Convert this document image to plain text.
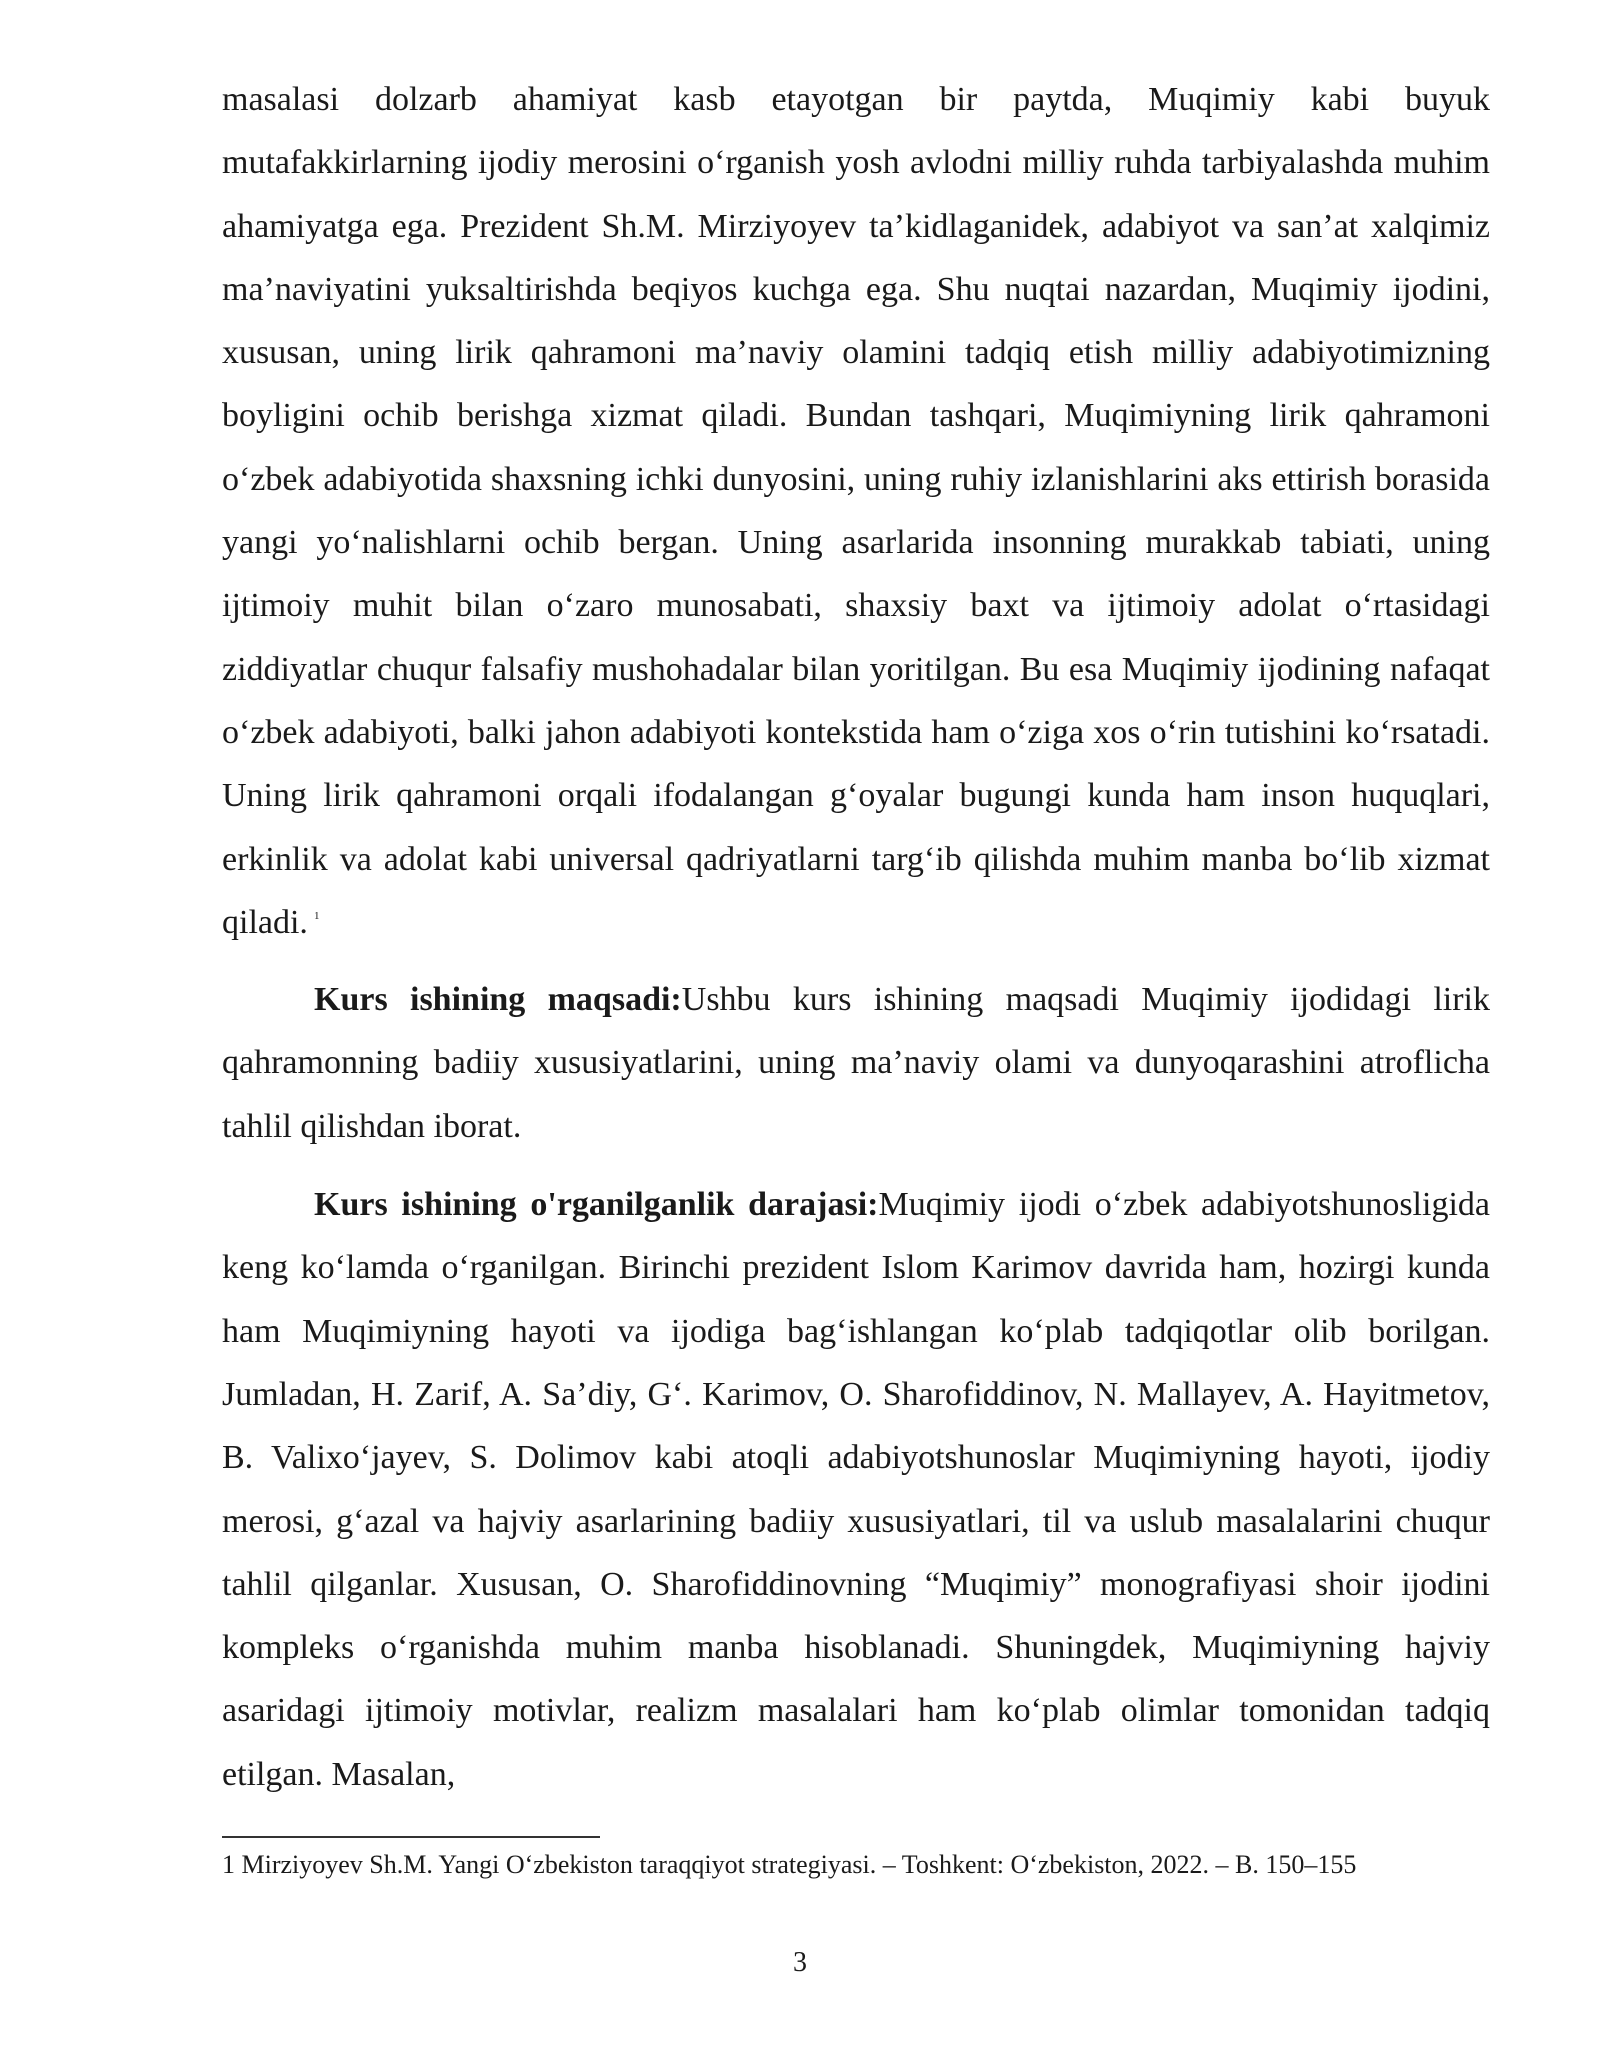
masalasi dolzarb ahamiyat kasb etayotgan bir paytda, Muqimiy kabi buyuk mutafakkirlarning ijodiy merosini o‘rganish yosh avlodni milliy ruhda tarbiyalashda muhim ahamiyatga ega. Prezident Sh.M. Mirziyoyev ta’kidlaganidek, adabiyot va san’at xalqimiz ma’naviyatini yuksaltirishda beqiyos kuchga ega. Shu nuqtai nazardan, Muqimiy ijodini, xususan, uning lirik qahramoni ma’naviy olamini tadqiq etish milliy adabiyotimizning boyligini ochib berishga xizmat qiladi. Bundan tashqari, Muqimiyning lirik qahramoni o‘zbek adabiyotida shaxsning ichki dunyosini, uning ruhiy izlanishlarini aks ettirish borasida yangi yo‘nalishlarni ochib bergan. Uning asarlarida insonning murakkab tabiati, uning ijtimoiy muhit bilan o‘zaro munosabati, shaxsiy baxt va ijtimoiy adolat o‘rtasidagi ziddiyatlar chuqur falsafiy mushohadalar bilan yoritilgan. Bu esa Muqimiy ijodining nafaqat o‘zbek adabiyoti, balki jahon adabiyoti kontekstida ham o‘ziga xos o‘rin tutishini ko‘rsatadi. Uning lirik qahramoni orqali ifodalangan g‘oyalar bugungi kunda ham inson huquqlari, erkinlik va adolat kabi universal qadriyatlarni targ‘ib qilishda muhim manba bo‘lib xizmat qiladi. $^1$

Kurs ishining maqsadi:Ushbu kurs ishining maqsadi Muqimiy ijodidagi lirik qahramonning badiiy xususiyatlarini, uning ma’naviy olami va dunyoqarashini atroflicha tahlil qilishdan iborat.

Kurs ishining o'rganilganlik darajasi:Muqimiy ijodi o‘zbek adabiyotshunosligida keng ko‘lamda o‘rganilgan. Birinchi prezident Islom Karimov davrida ham, hozirgi kunda ham Muqimiyning hayoti va ijodiga bag‘ishlangan ko‘plab tadqiqotlar olib borilgan. Jumladan, H. Zarif, A. Sa’diy, G‘. Karimov, O. Sharofiddinov, N. Mallayev, A. Hayitmetov, B. Valixo‘jayev, S. Dolimov kabi atoqli adabiyotshunoslar Muqimiyning hayoti, ijodiy merosi, g‘azal va hajviy asarlarining badiiy xususiyatlari, til va uslub masalalarini chuqur tahlil qilganlar. Xususan, O. Sharofiddinovning “Muqimiy” monografiyasi shoir ijodini kompleks o‘rganishda muhim manba hisoblanadi. Shuningdek, Muqimiyning hajviy asaridagi ijtimoiy motivlar, realizm masalalari ham ko‘plab olimlar tomonidan tadqiq etilgan. Masalan,

1 Mirziyoyev Sh.M. Yangi O‘zbekiston taraqqiyot strategiyasi. – Toshkent: O‘zbekiston, 2022. – B. 150–155
3
